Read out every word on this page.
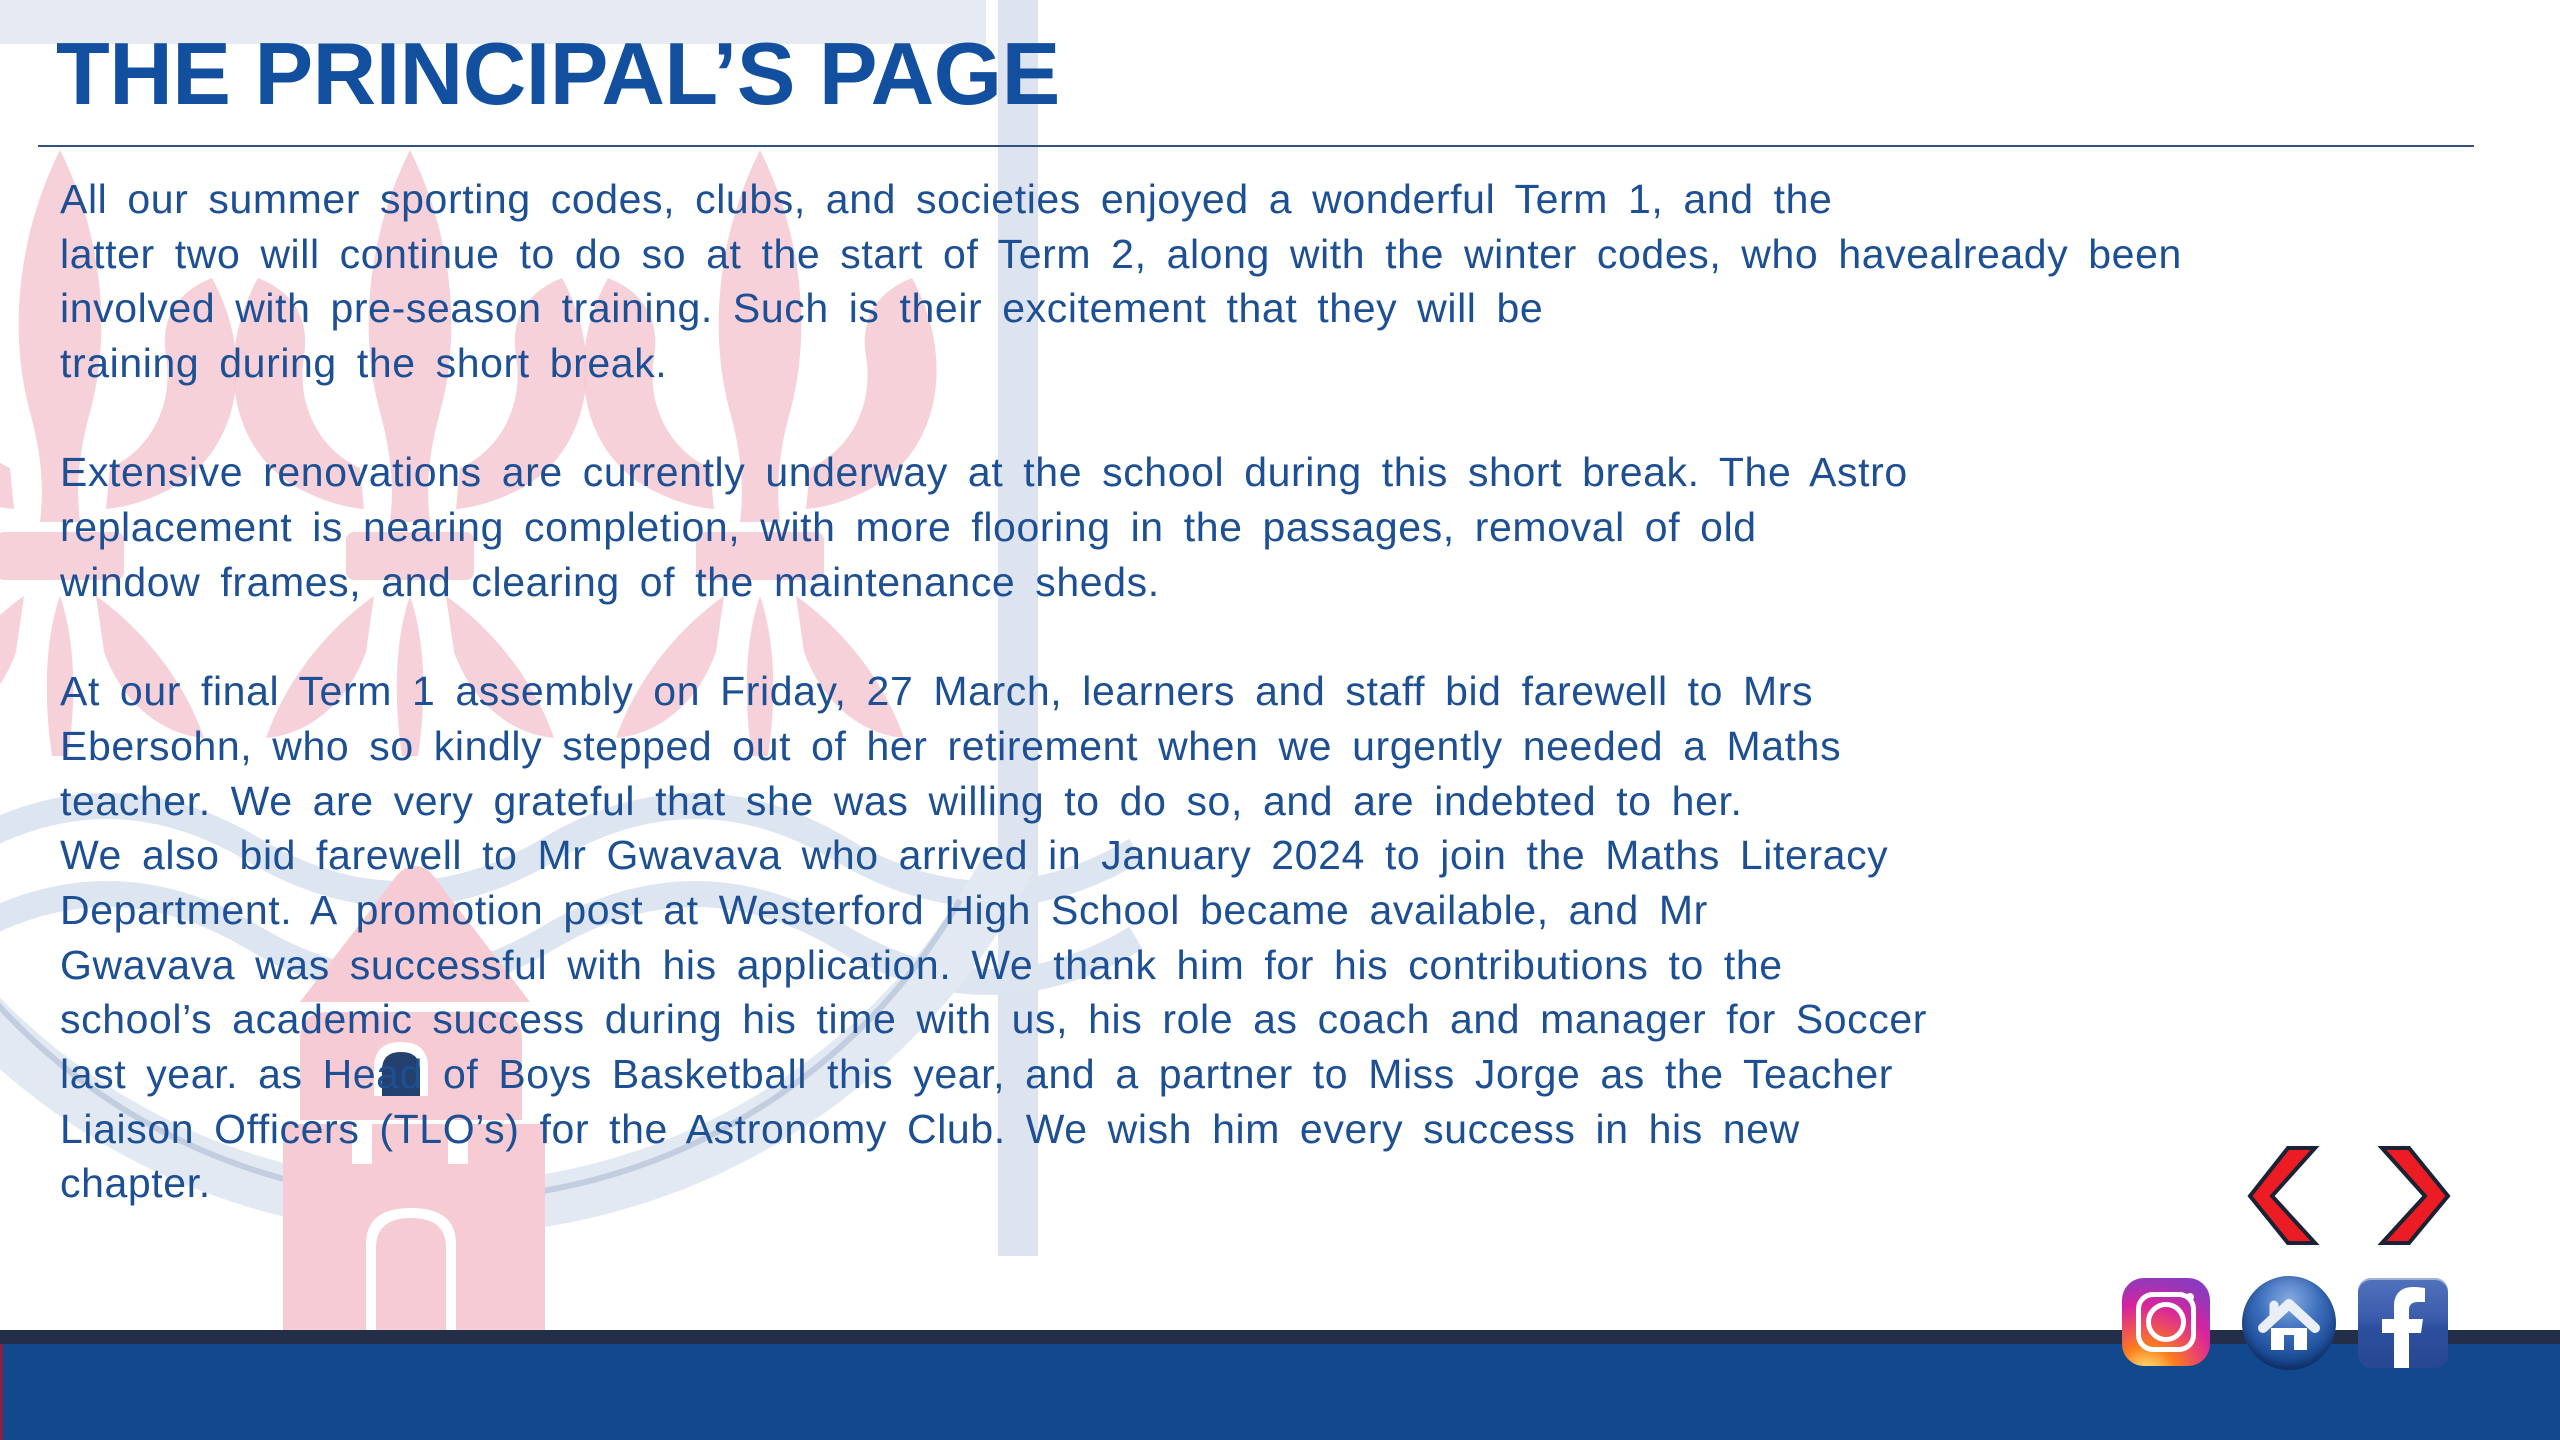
THE PRINCIPAL’S PAGE
All our summer sporting codes, clubs, and societies enjoyed a wonderful Term 1, and the
latter two will continue to do so at the start of Term 2, along with the winter codes, who havealready been
involved with pre-season training. Such is their excitement that they will be
training during the short break.
Extensive renovations are currently underway at the school during this short break. The Astro
replacement is nearing completion, with more flooring in the passages, removal of old
window frames, and clearing of the maintenance sheds.
At our final Term 1 assembly on Friday, 27 March, learners and staff bid farewell to Mrs
Ebersohn, who so kindly stepped out of her retirement when we urgently needed a Maths
teacher. We are very grateful that she was willing to do so, and are indebted to her.
We also bid farewell to Mr Gwavava who arrived in January 2024 to join the Maths Literacy
Department. A promotion post at Westerford High School became available, and Mr
Gwavava was successful with his application. We thank him for his contributions to the
school’s academic success during his time with us, his role as coach and manager for Soccer
last year. as Head of Boys Basketball this year, and a partner to Miss Jorge as the Teacher
Liaison Officers (TLO’s) for the Astronomy Club. We wish him every success in his new
chapter.
